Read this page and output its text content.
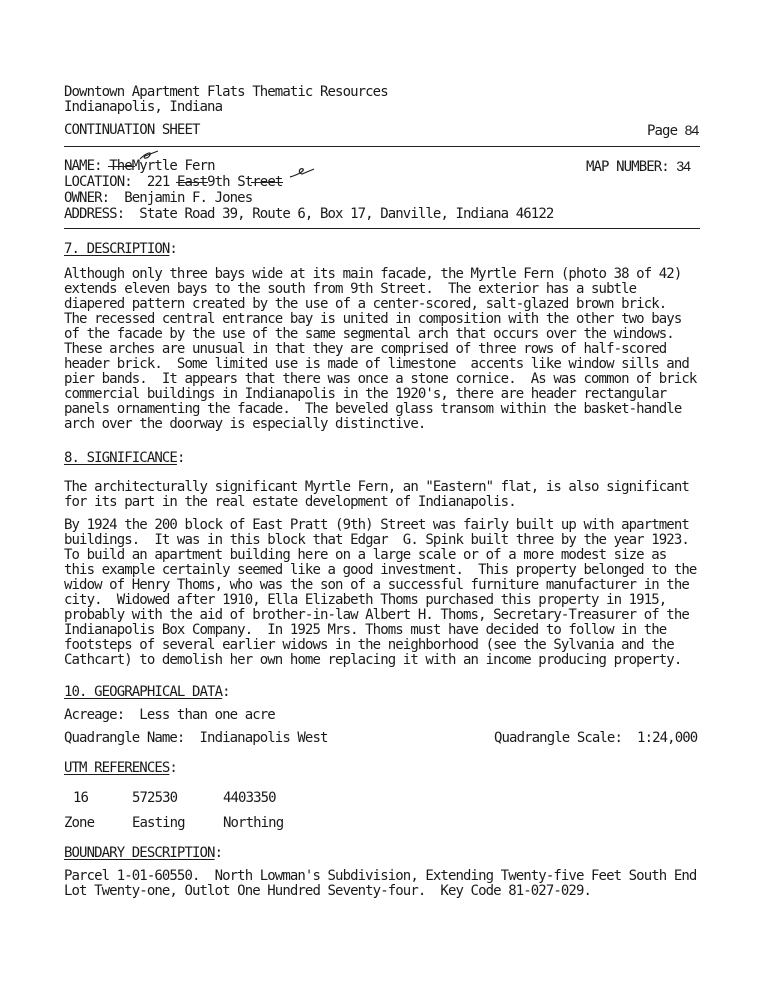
Downtown Apartment Flats Thematic Resources
Indianapolis, Indiana
CONTINUATION SHEET	Page 84
NAME: The
Myrtle Fern	MAP NUMBER: 34
LOCATION: 221 East
9th Street
OWNER: Benjamin F. Jones
ADDRESS: State Road 39, Route 6, Box 17, Danville, Indiana 46122
7. DESCRIPTION:
Although only three bays wide at its main facade, the Myrtle Fern (photo 38 of 42)
extends eleven bays to the south from 9th Street.  The exterior has a subtle
diapered pattern created by the use of a center-scored, salt-glazed brown brick.
The recessed central entrance bay is united in composition with the other two bays
of the facade by the use of the same segmental arch that occurs over the windows.
These arches are unusual in that they are comprised of three rows of half-scored
header brick.  Some limited use is made of limestone  accents like window sills and
pier bands.  It appears that there was once a stone cornice.  As was common of brick
commercial buildings in Indianapolis in the 1920's, there are header rectangular
panels ornamenting the facade.  The beveled glass transom within the basket-handle
arch over the doorway is especially distinctive.
8. SIGNIFICANCE:
The architecturally significant Myrtle Fern, an "Eastern" flat, is also significant
for its part in the real estate development of Indianapolis.
By 1924 the 200 block of East Pratt (9th) Street was fairly built up with apartment
buildings.  It was in this block that Edgar  G. Spink built three by the year 1923.
To build an apartment building here on a large scale or of a more modest size as
this example certainly seemed like a good investment.  This property belonged to the
widow of Henry Thoms, who was the son of a successful furniture manufacturer in the
city.  Widowed after 1910, Ella Elizabeth Thoms purchased this property in 1915,
probably with the aid of brother-in-law Albert H. Thoms, Secretary-Treasurer of the
Indianapolis Box Company.  In 1925 Mrs. Thoms must have decided to follow in the
footsteps of several earlier widows in the neighborhood (see the Sylvania and the
Cathcart) to demolish her own home replacing it with an income producing property.
10. GEOGRAPHICAL DATA:
Acreage:  Less than one acre
Quadrangle Name:  Indianapolis West	Quadrangle Scale:  1:24,000
UTM REFERENCES:
16	572530	4403350
Zone	Easting	Northing
BOUNDARY DESCRIPTION:
Parcel 1-01-60550.  North Lowman's Subdivision, Extending Twenty-five Feet South End
Lot Twenty-one, Outlot One Hundred Seventy-four.  Key Code 81-027-029.
